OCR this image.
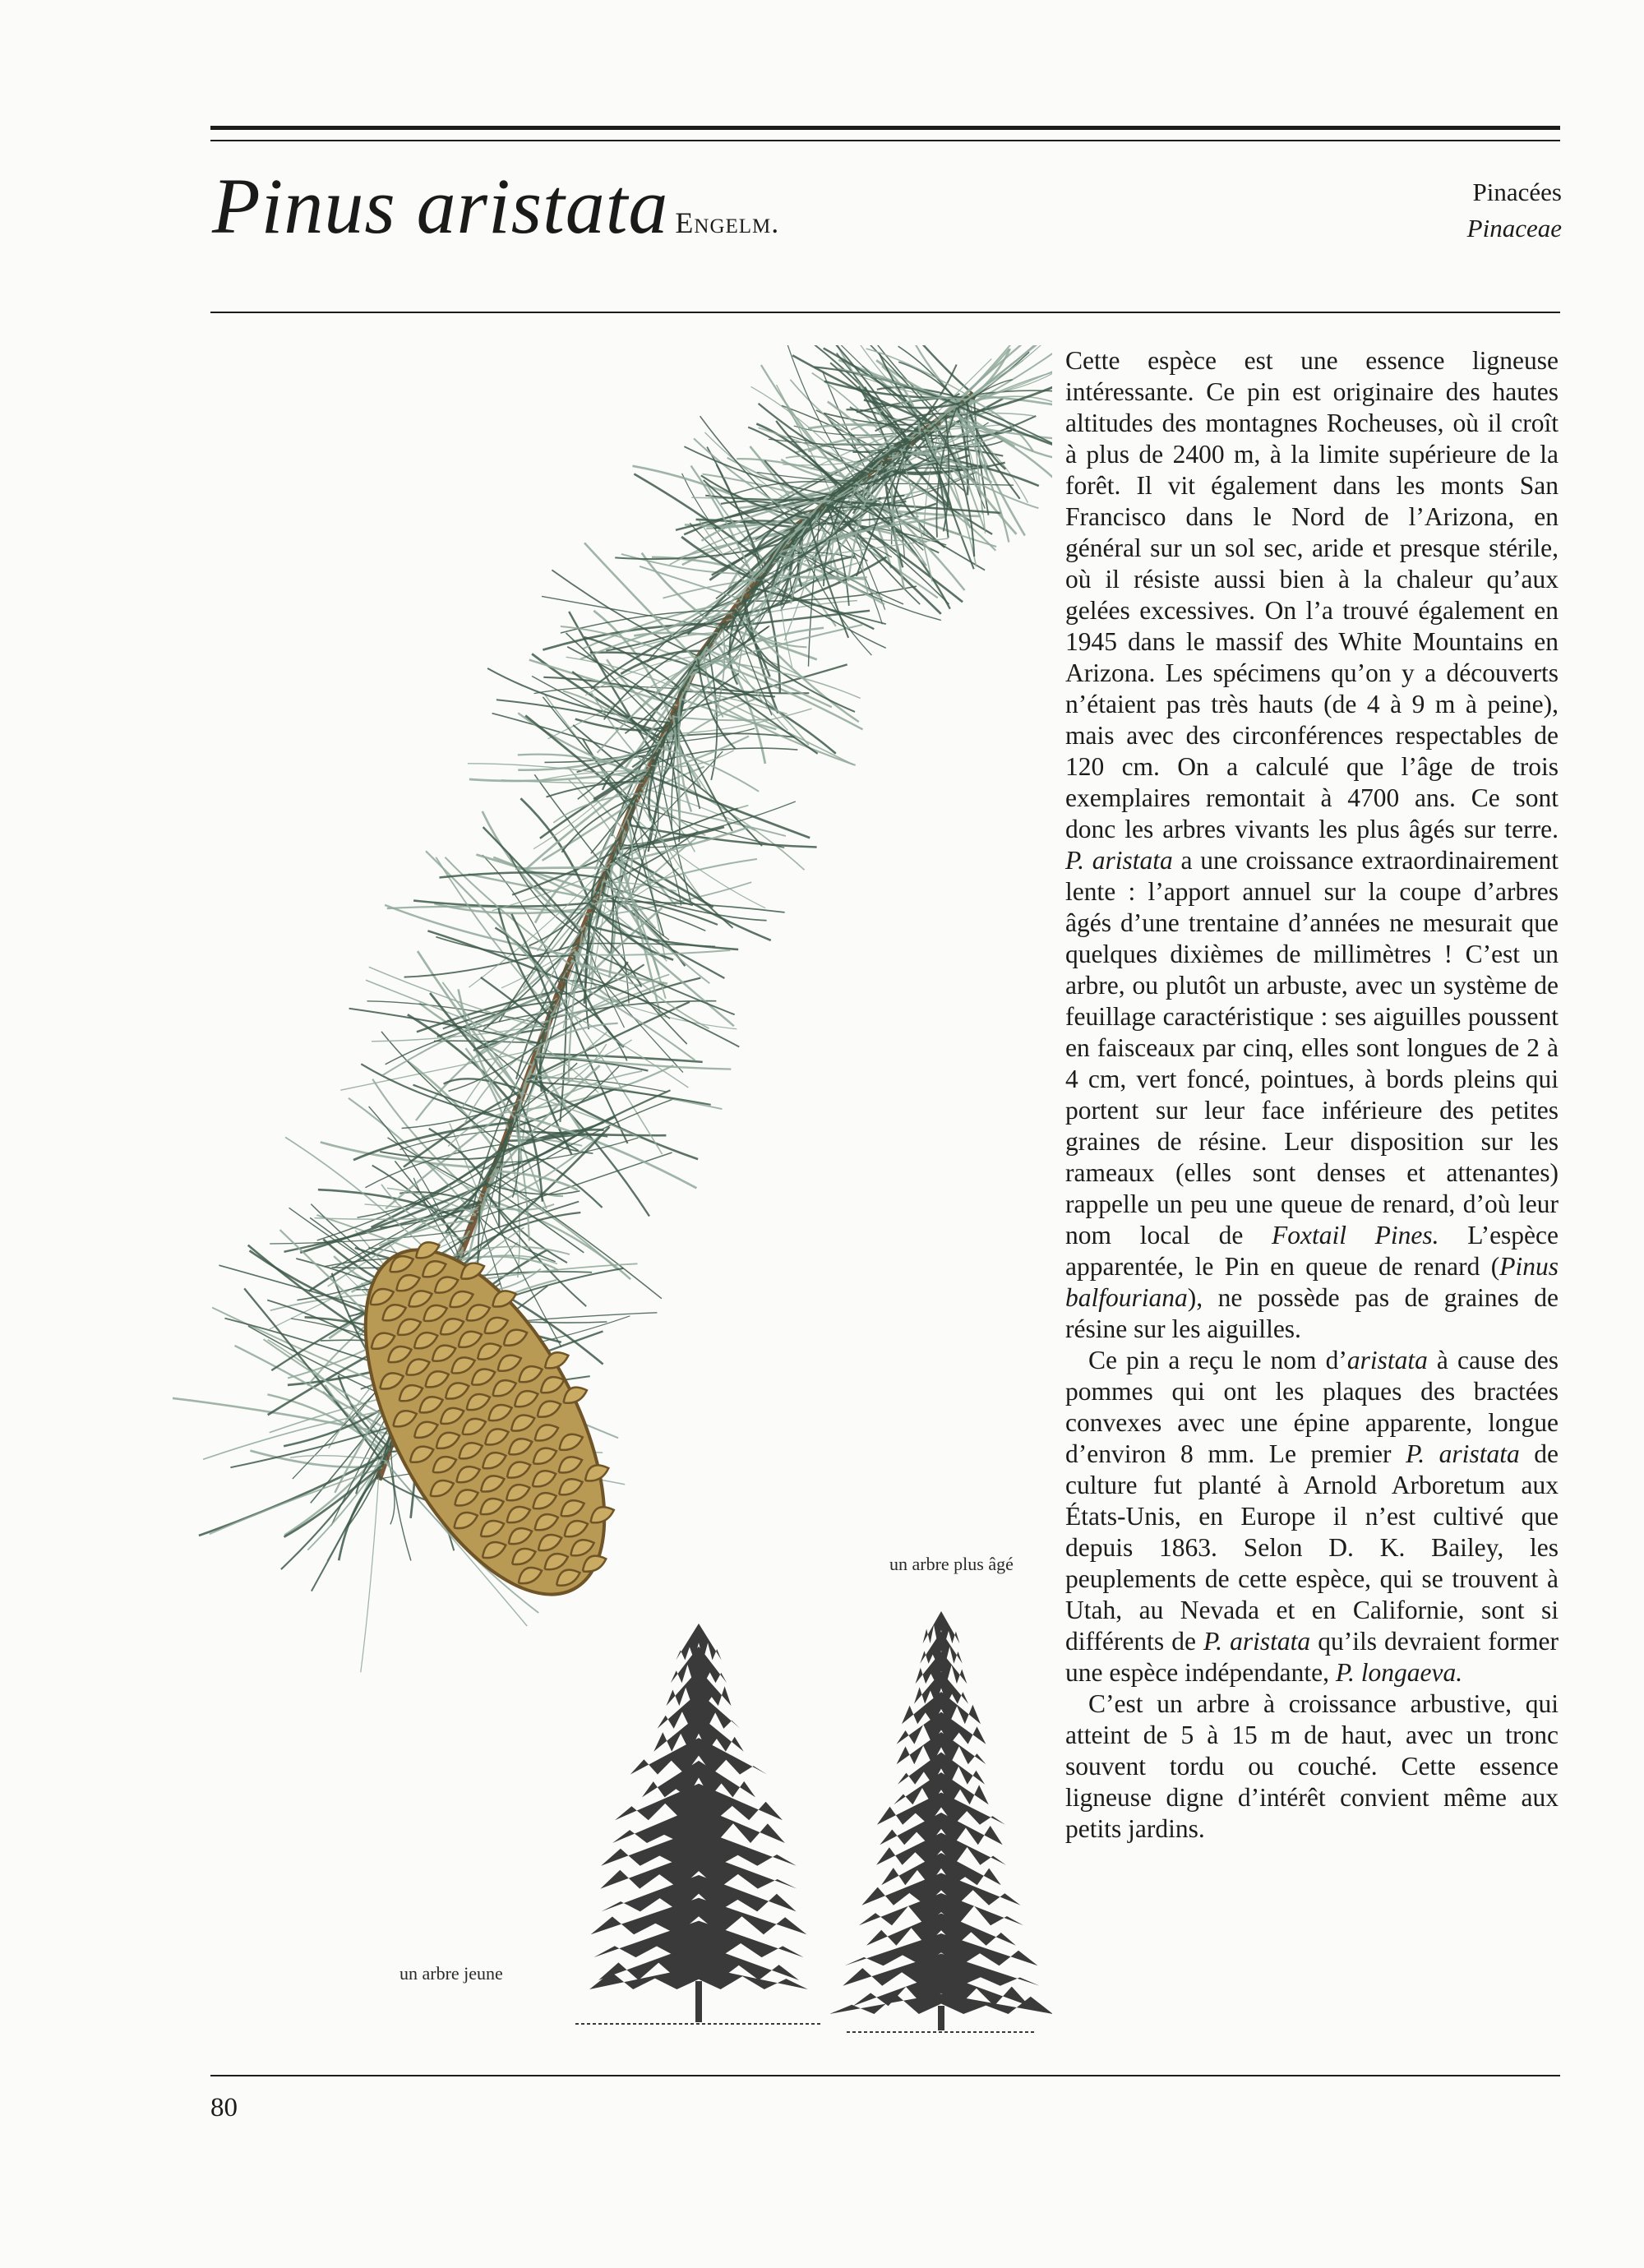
Pinus aristata Engelm.
Pinacées
Pinaceae
un arbre plus âgé
un arbre jeune

Cette espèce est une essence ligneuse intéressante. Ce pin est originaire des hautes altitudes des montagnes Rocheuses, où il croît à plus de 2400 m, à la limite supérieure de la forêt. Il vit également dans les monts San Francisco dans le Nord de l’Arizona, en général sur un sol sec, aride et presque stérile, où il résiste aussi bien à la chaleur qu’aux gelées excessives. On l’a trouvé également en 1945 dans le massif des White Mountains en Arizona. Les spécimens qu’on y a découverts n’étaient pas très hauts (de 4 à 9 m à peine), mais avec des circonférences respectables de 120 cm. On a calculé que l’âge de trois exemplaires remontait à 4700 ans. Ce sont donc les arbres vivants les plus âgés sur terre. P. aristata a une croissance extraordinairement lente : l’apport annuel sur la coupe d’arbres âgés d’une trentaine d’années ne mesurait que quelques dixièmes de millimètres ! C’est un arbre, ou plutôt un arbuste, avec un système de feuillage caractéristique : ses aiguilles poussent en faisceaux par cinq, elles sont longues de 2 à 4 cm, vert foncé, pointues, à bords pleins qui portent sur leur face inférieure des petites graines de résine. Leur disposition sur les rameaux (elles sont denses et attenantes) rappelle un peu une queue de renard, d’où leur nom local de Foxtail Pines. L’espèce apparentée, le Pin en queue de renard (Pinus balfouriana), ne possède pas de graines de résine sur les aiguilles.

Ce pin a reçu le nom d’aristata à cause des pommes qui ont les plaques des bractées convexes avec une épine apparente, longue d’environ 8 mm. Le premier P. aristata de culture fut planté à Arnold Arboretum aux États-Unis, en Europe il n’est cultivé que depuis 1863. Selon D. K. Bailey, les peuplements de cette espèce, qui se trouvent à Utah, au Nevada et en Californie, sont si différents de P. aristata qu’ils devraient former une espèce indépendante, P. longaeva.

C’est un arbre à croissance arbustive, qui atteint de 5 à 15 m de haut, avec un tronc souvent tordu ou couché. Cette essence ligneuse digne d’intérêt convient même aux petits jardins.

80
